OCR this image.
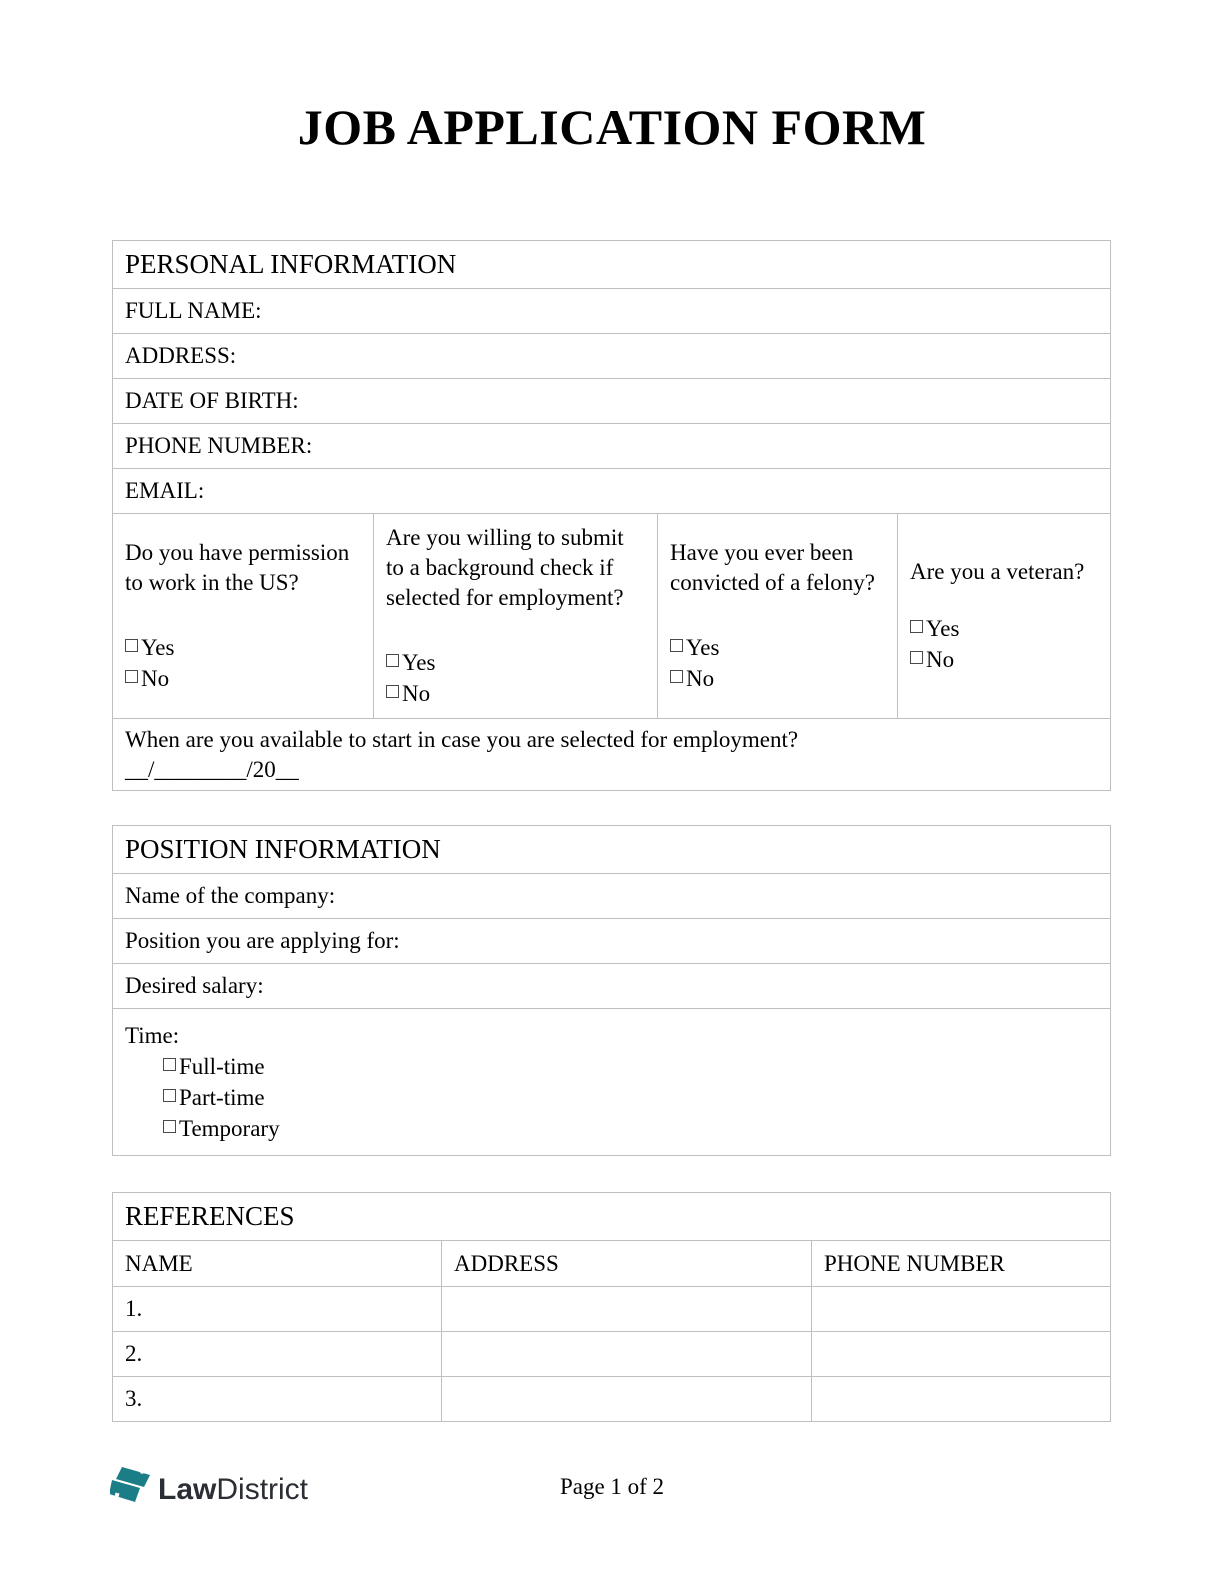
JOB APPLICATION FORM
PERSONAL INFORMATION
FULL NAME:
ADDRESS:
DATE OF BIRTH:
PHONE NUMBER:
EMAIL:
Do you have permission to work in the US?
Yes
No
	Are you willing to submit to a background check if selected for employment?
Yes
No
	Have you ever been convicted of a felony?
Yes
No
	Are you a veteran?
Yes
No

When are you available to start in case you are selected for employment?
__/________/20__
POSITION INFORMATION
Name of the company:
Position you are applying for:
Desired salary:

Time:
Full-time
Part-time
Temporary
REFERENCES		
NAME	ADDRESS	PHONE NUMBER
1.		
2.		
3.		
LawDistrict	Page 1 of 2
